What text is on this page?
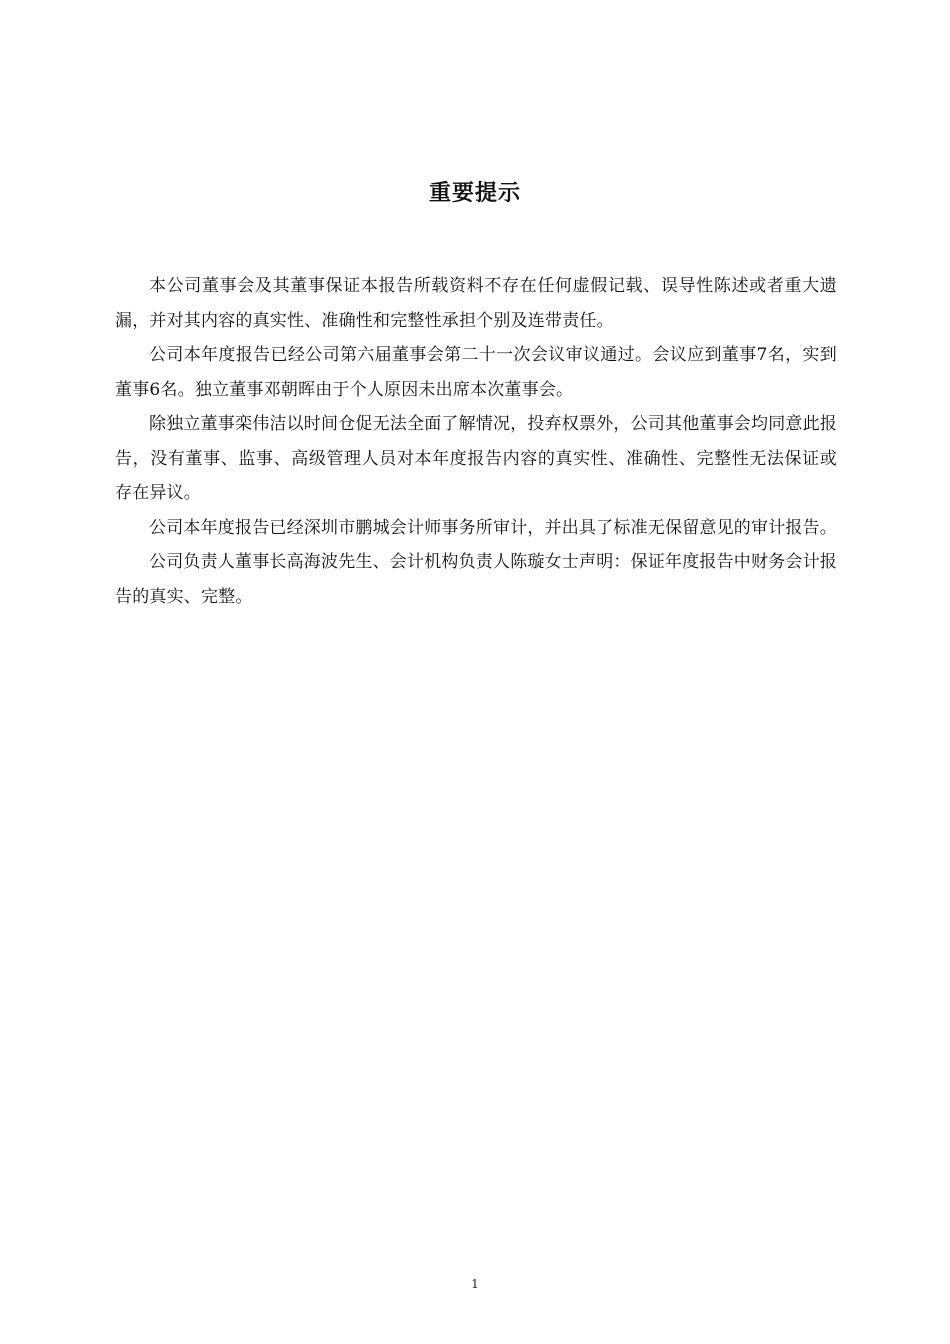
重要提示

本公司董事会及其董事保证本报告所载资料不存在任何虚假记载、误导性陈述或者重大遗漏，并对其内容的真实性、准确性和完整性承担个别及连带责任。

公司本年度报告已经公司第六届董事会第二十一次会议审议通过。会议应到董事7名，实到董事6名。独立董事邓朝晖由于个人原因未出席本次董事会。

除独立董事栾伟洁以时间仓促无法全面了解情况，投弃权票外，公司其他董事会均同意此报告，没有董事、监事、高级管理人员对本年度报告内容的真实性、准确性、完整性无法保证或存在异议。

公司本年度报告已经深圳市鹏城会计师事务所审计，并出具了标准无保留意见的审计报告。

公司负责人董事长高海波先生、会计机构负责人陈璇女士声明：保证年度报告中财务会计报告的真实、完整。

1
